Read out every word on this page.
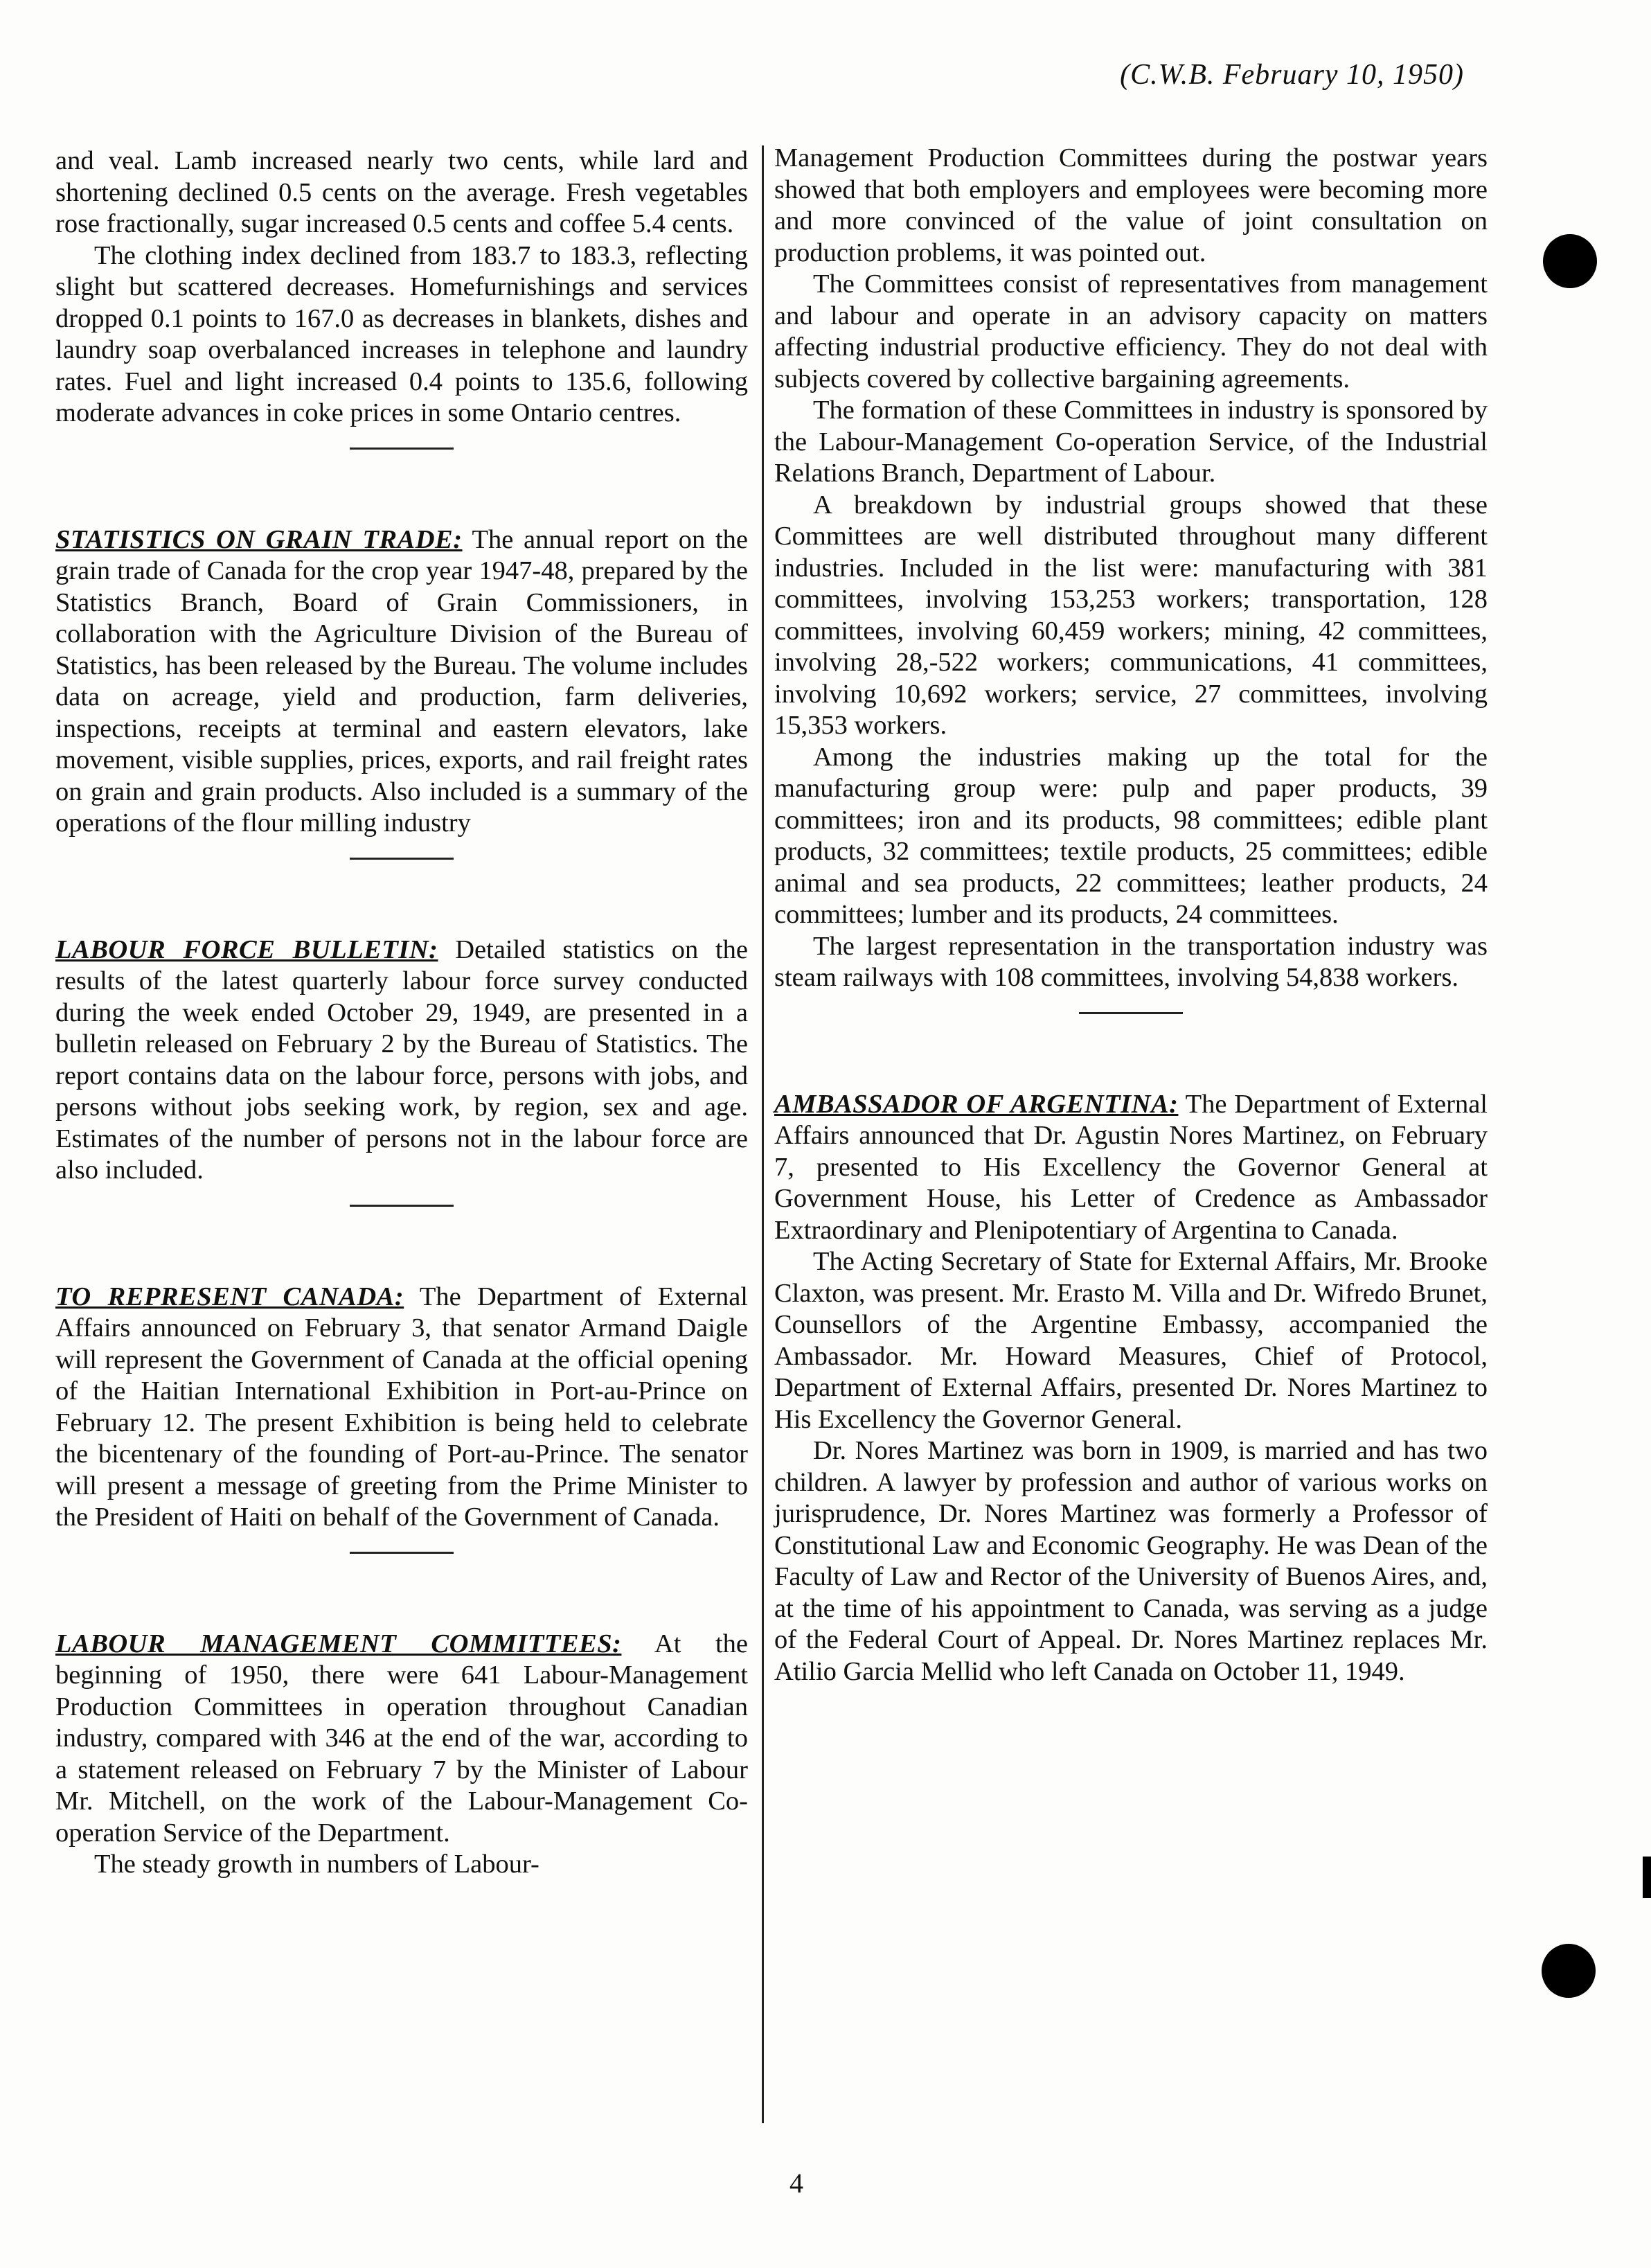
(C.W.B. February 10, 1950)

and veal. Lamb increased nearly two cents, while lard and shortening declined 0.5 cents on the average. Fresh vegetables rose fractionally, sugar increased 0.5 cents and coffee 5.4 cents.

The clothing index declined from 183.7 to 183.3, reflecting slight but scattered decreases. Homefurnishings and services dropped 0.1 points to 167.0 as decreases in blankets, dishes and laundry soap overbalanced increases in telephone and laundry rates. Fuel and light increased 0.4 points to 135.6, following moderate advances in coke prices in some Ontario centres.

STATISTICS ON GRAIN TRADE: The annual report on the grain trade of Canada for the crop year 1947-48, prepared by the Statistics Branch, Board of Grain Commissioners, in collaboration with the Agriculture Division of the Bureau of Statistics, has been released by the Bureau. The volume includes data on acreage, yield and production, farm deliveries, inspections, receipts at terminal and eastern elevators, lake movement, visible supplies, prices, exports, and rail freight rates on grain and grain products. Also included is a summary of the operations of the flour milling industry

LABOUR FORCE BULLETIN: Detailed statistics on the results of the latest quarterly labour force survey conducted during the week ended October 29, 1949, are presented in a bulletin released on February 2 by the Bureau of Statistics. The report contains data on the labour force, persons with jobs, and persons without jobs seeking work, by region, sex and age. Estimates of the number of persons not in the labour force are also included.

TO REPRESENT CANADA: The Department of External Affairs announced on February 3, that senator Armand Daigle will represent the Government of Canada at the official opening of the Haitian International Exhibition in Port-au-Prince on February 12. The present Exhibition is being held to celebrate the bicentenary of the founding of Port-au-Prince. The senator will present a message of greeting from the Prime Minister to the President of Haiti on behalf of the Government of Canada.

LABOUR MANAGEMENT COMMITTEES: At the beginning of 1950, there were 641 Labour-Management Production Committees in operation throughout Canadian industry, compared with 346 at the end of the war, according to a statement released on February 7 by the Minister of Labour Mr. Mitchell, on the work of the Labour-Management Co-operation Service of the Department.

The steady growth in numbers of Labour-

Management Production Committees during the postwar years showed that both employers and employees were becoming more and more convinced of the value of joint consultation on production problems, it was pointed out.

The Committees consist of representatives from management and labour and operate in an advisory capacity on matters affecting industrial productive efficiency. They do not deal with subjects covered by collective bargaining agreements.

The formation of these Committees in industry is sponsored by the Labour-Management Co-operation Service, of the Industrial Relations Branch, Department of Labour.

A breakdown by industrial groups showed that these Committees are well distributed throughout many different industries. Included in the list were: manufacturing with 381 committees, involving 153,253 workers; transportation, 128 committees, involving 60,459 workers; mining, 42 committees, involving 28,-522 workers; communications, 41 committees, involving 10,692 workers; service, 27 committees, involving 15,353 workers.

Among the industries making up the total for the manufacturing group were: pulp and paper products, 39 committees; iron and its products, 98 committees; edible plant products, 32 committees; textile products, 25 committees; edible animal and sea products, 22 committees; leather products, 24 committees; lumber and its products, 24 committees.

The largest representation in the transportation industry was steam railways with 108 committees, involving 54,838 workers.

AMBASSADOR OF ARGENTINA: The Department of External Affairs announced that Dr. Agustin Nores Martinez, on February 7, presented to His Excellency the Governor General at Government House, his Letter of Credence as Ambassador Extraordinary and Plenipotentiary of Argentina to Canada.

The Acting Secretary of State for External Affairs, Mr. Brooke Claxton, was present. Mr. Erasto M. Villa and Dr. Wifredo Brunet, Counsellors of the Argentine Embassy, accompanied the Ambassador. Mr. Howard Measures, Chief of Protocol, Department of External Affairs, presented Dr. Nores Martinez to His Excellency the Governor General.

Dr. Nores Martinez was born in 1909, is married and has two children. A lawyer by profession and author of various works on jurisprudence, Dr. Nores Martinez was formerly a Professor of Constitutional Law and Economic Geography. He was Dean of the Faculty of Law and Rector of the University of Buenos Aires, and, at the time of his appointment to Canada, was serving as a judge of the Federal Court of Appeal. Dr. Nores Martinez replaces Mr. Atilio Garcia Mellid who left Canada on October 11, 1949.

4
